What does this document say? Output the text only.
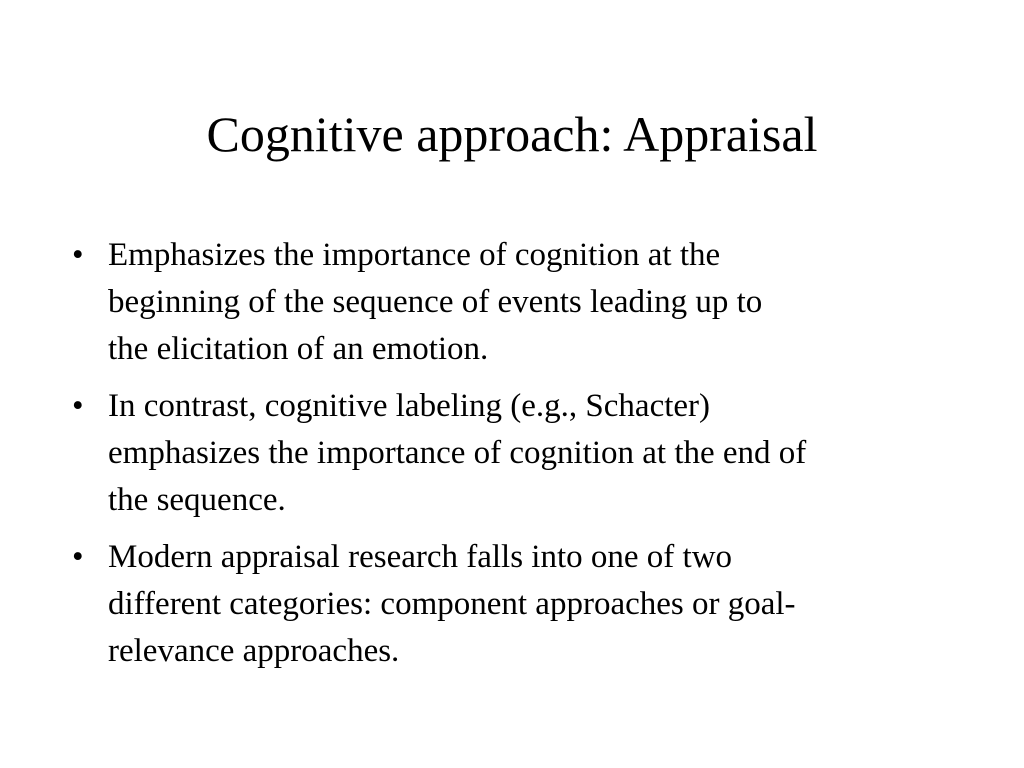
Cognitive approach: Appraisal
• Emphasizes the importance of cognition at the
beginning of the sequence of events leading up to
the elicitation of an emotion.
• In contrast, cognitive labeling (e.g., Schacter)
emphasizes the importance of cognition at the end of
the sequence.
• Modern appraisal research falls into one of two
different categories: component approaches or goal-
relevance approaches.
